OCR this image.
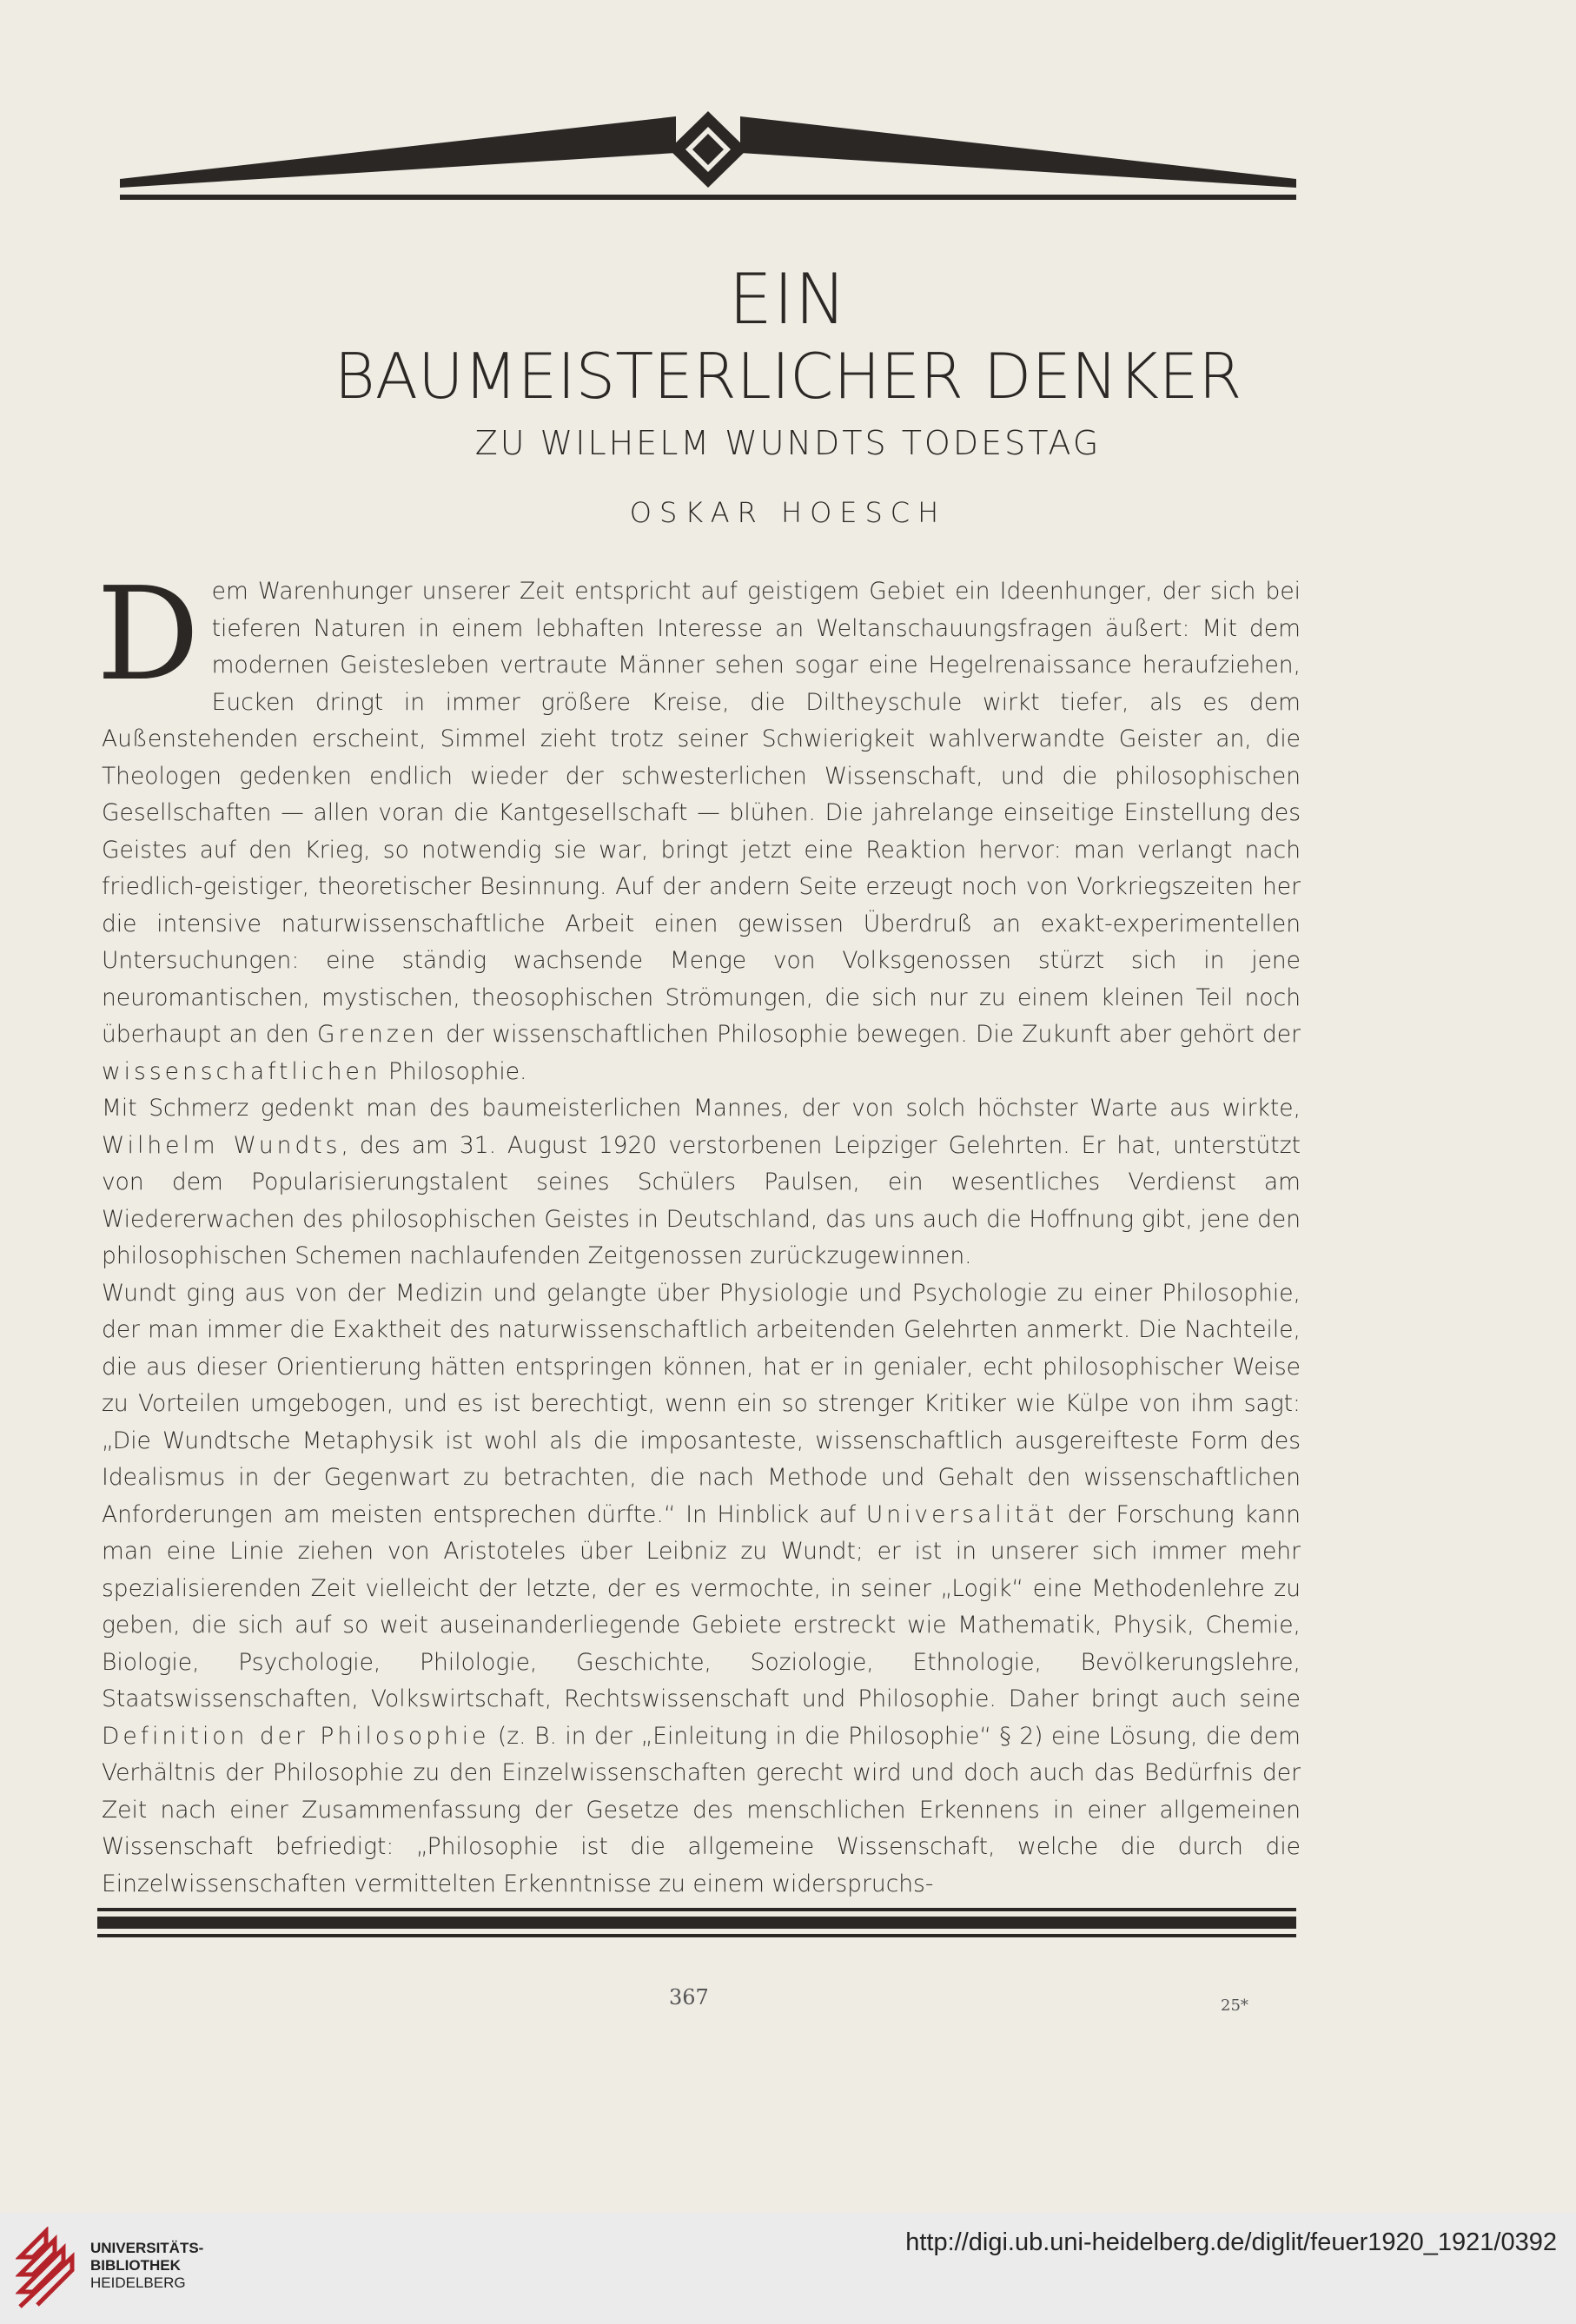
EIN
BAUMEISTERLICHER DENKER
ZU WILHELM WUNDTS TODESTAG
OSKAR HOESCH

Dem Warenhunger unserer Zeit entspricht auf geistigem Gebiet ein Ideenhunger, der sich bei tieferen Naturen in einem lebhaften Interesse an Weltanschauungsfragen äußert: Mit dem modernen Geistesleben vertraute Männer sehen sogar eine Hegelrenaissance heraufziehen, Eucken dringt in immer größere Kreise, die Diltheyschule wirkt tiefer, als es dem Außenstehenden erscheint, Simmel zieht trotz seiner Schwierigkeit wahlverwandte Geister an, die Theologen gedenken endlich wieder der schwesterlichen Wissenschaft, und die philosophischen Gesellschaften — allen voran die Kantgesellschaft — blühen. Die jahrelange einseitige Einstellung des Geistes auf den Krieg, so notwendig sie war, bringt jetzt eine Reaktion hervor: man verlangt nach friedlich-geistiger, theoretischer Besinnung. Auf der andern Seite erzeugt noch von Vorkriegszeiten her die intensive naturwissenschaftliche Arbeit einen gewissen Überdruß an exakt-experimentellen Untersuchungen: eine ständig wachsende Menge von Volksgenossen stürzt sich in jene neuromantischen, mystischen, theosophischen Strömungen, die sich nur zu einem kleinen Teil noch überhaupt an den Grenzen der wissenschaftlichen Philosophie bewegen. Die Zukunft aber gehört der wissenschaftlichen Philosophie.

Mit Schmerz gedenkt man des baumeisterlichen Mannes, der von solch höchster Warte aus wirkte, Wilhelm Wundts, des am 31. August 1920 verstorbenen Leipziger Gelehrten. Er hat, unterstützt von dem Popularisierungstalent seines Schülers Paulsen, ein wesentliches Verdienst am Wiedererwachen des philosophischen Geistes in Deutschland, das uns auch die Hoffnung gibt, jene den philosophischen Schemen nachlaufenden Zeitgenossen zurückzugewinnen.

Wundt ging aus von der Medizin und gelangte über Physiologie und Psychologie zu einer Philosophie, der man immer die Exaktheit des naturwissenschaftlich arbeitenden Gelehrten anmerkt. Die Nachteile, die aus dieser Orientierung hätten entspringen können, hat er in genialer, echt philosophischer Weise zu Vorteilen umgebogen, und es ist berechtigt, wenn ein so strenger Kritiker wie Külpe von ihm sagt: „Die Wundtsche Metaphysik ist wohl als die imposanteste, wissenschaftlich ausgereifteste Form des Idealismus in der Gegenwart zu betrachten, die nach Methode und Gehalt den wissenschaftlichen Anforderungen am meisten entsprechen dürfte.“ In Hinblick auf Universalität der Forschung kann man eine Linie ziehen von Aristoteles über Leibniz zu Wundt; er ist in unserer sich immer mehr spezialisierenden Zeit vielleicht der letzte, der es vermochte, in seiner „Logik“ eine Methodenlehre zu geben, die sich auf so weit auseinanderliegende Gebiete erstreckt wie Mathematik, Physik, Chemie, Biologie, Psychologie, Philologie, Geschichte, Soziologie, Ethnologie, Bevölkerungslehre, Staatswissenschaften, Volkswirtschaft, Rechtswissenschaft und Philosophie. Daher bringt auch seine Definition der Philosophie (z. B. in der „Einleitung in die Philosophie“ § 2) eine Lösung, die dem Verhältnis der Philosophie zu den Einzelwissenschaften gerecht wird und doch auch das Bedürfnis der Zeit nach einer Zusammenfassung der Gesetze des menschlichen Erkennens in einer allgemeinen Wissenschaft befriedigt: „Philosophie ist die allgemeine Wissenschaft, welche die durch die Einzelwissenschaften vermittelten Erkenntnisse zu einem widerspruchs-

367	25*
UNIVERSITÄTS-
BIBLIOTHEK
HEIDELBERG
http://digi.ub.uni-heidelberg.de/diglit/feuer1920_1921/0392
